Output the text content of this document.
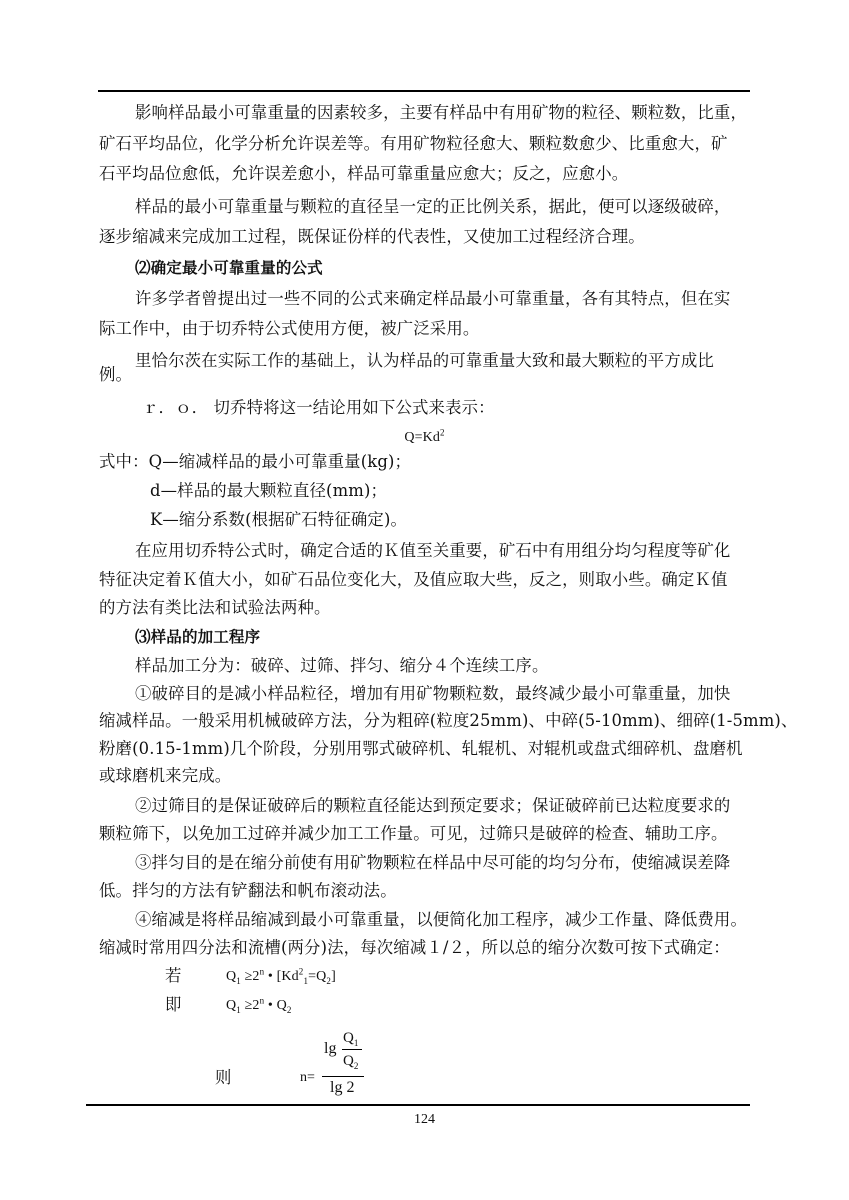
影响样品最小可靠重量的因素较多，主要有样品中有用矿物的粒径、颗粒数，比重，
矿石平均品位，化学分析允许误差等。有用矿物粒径愈大、颗粒数愈少、比重愈大，矿
石平均品位愈低，允许误差愈小，样品可靠重量应愈大；反之，应愈小。
样品的最小可靠重量与颗粒的直径呈一定的正比例关系，据此，便可以逐级破碎，
逐步缩减来完成加工过程，既保证份样的代表性，又使加工过程经济合理。
⑵确定最小可靠重量的公式
许多学者曾提出过一些不同的公式来确定样品最小可靠重量，各有其特点，但在实
际工作中，由于切乔特公式使用方便，被广泛采用。
里恰尔茨在实际工作的基础上，认为样品的可靠重量大致和最大颗粒的平方成比
例。
ｒ．ｏ． 切乔特将这一结论用如下公式来表示：
$Q=Kd^2$
式中：Q—缩减样品的最小可靠重量(kg)；
d—样品的最大颗粒直径(mm)；
K—缩分系数(根据矿石特征确定)。
在应用切乔特公式时，确定合适的Ｋ值至关重要，矿石中有用组分均匀程度等矿化
特征决定着Ｋ值大小，如矿石品位变化大，及值应取大些，反之，则取小些。确定Ｋ值
的方法有类比法和试验法两种。
⑶样品的加工程序
样品加工分为：破碎、过筛、拌匀、缩分４个连续工序。
①破碎目的是减小样品粒径，增加有用矿物颗粒数，最终减少最小可靠重量，加快
缩减样品。一般采用机械破碎方法，分为粗碎(粒度25mm)、中碎(5-10mm)、细碎(1-5mm)、
粉磨(0.15-1mm)几个阶段，分别用鄂式破碎机、轧辊机、对辊机或盘式细碎机、盘磨机
或球磨机来完成。
②过筛目的是保证破碎后的颗粒直径能达到预定要求；保证破碎前已达粒度要求的
颗粒筛下，以免加工过碎并减少加工工作量。可见，过筛只是破碎的检查、辅助工序。
③拌匀目的是在缩分前使有用矿物颗粒在样品中尽可能的均匀分布，使缩减误差降
低。拌匀的方法有铲翻法和帆布滚动法。
④缩减是将样品缩减到最小可靠重量，以便简化加工程序，减少工作量、降低费用。
缩减时常用四分法和流槽(两分)法，每次缩减１/２，所以总的缩分次数可按下式确定：
若	$Q_1 \ge 2^n$ • $[Kd^2_1=Q_2]$
即	$Q_1 \ge 2^n$ • $Q_2$
则	n=
lg
$Q_1$
$Q_2$
lg 2
124
